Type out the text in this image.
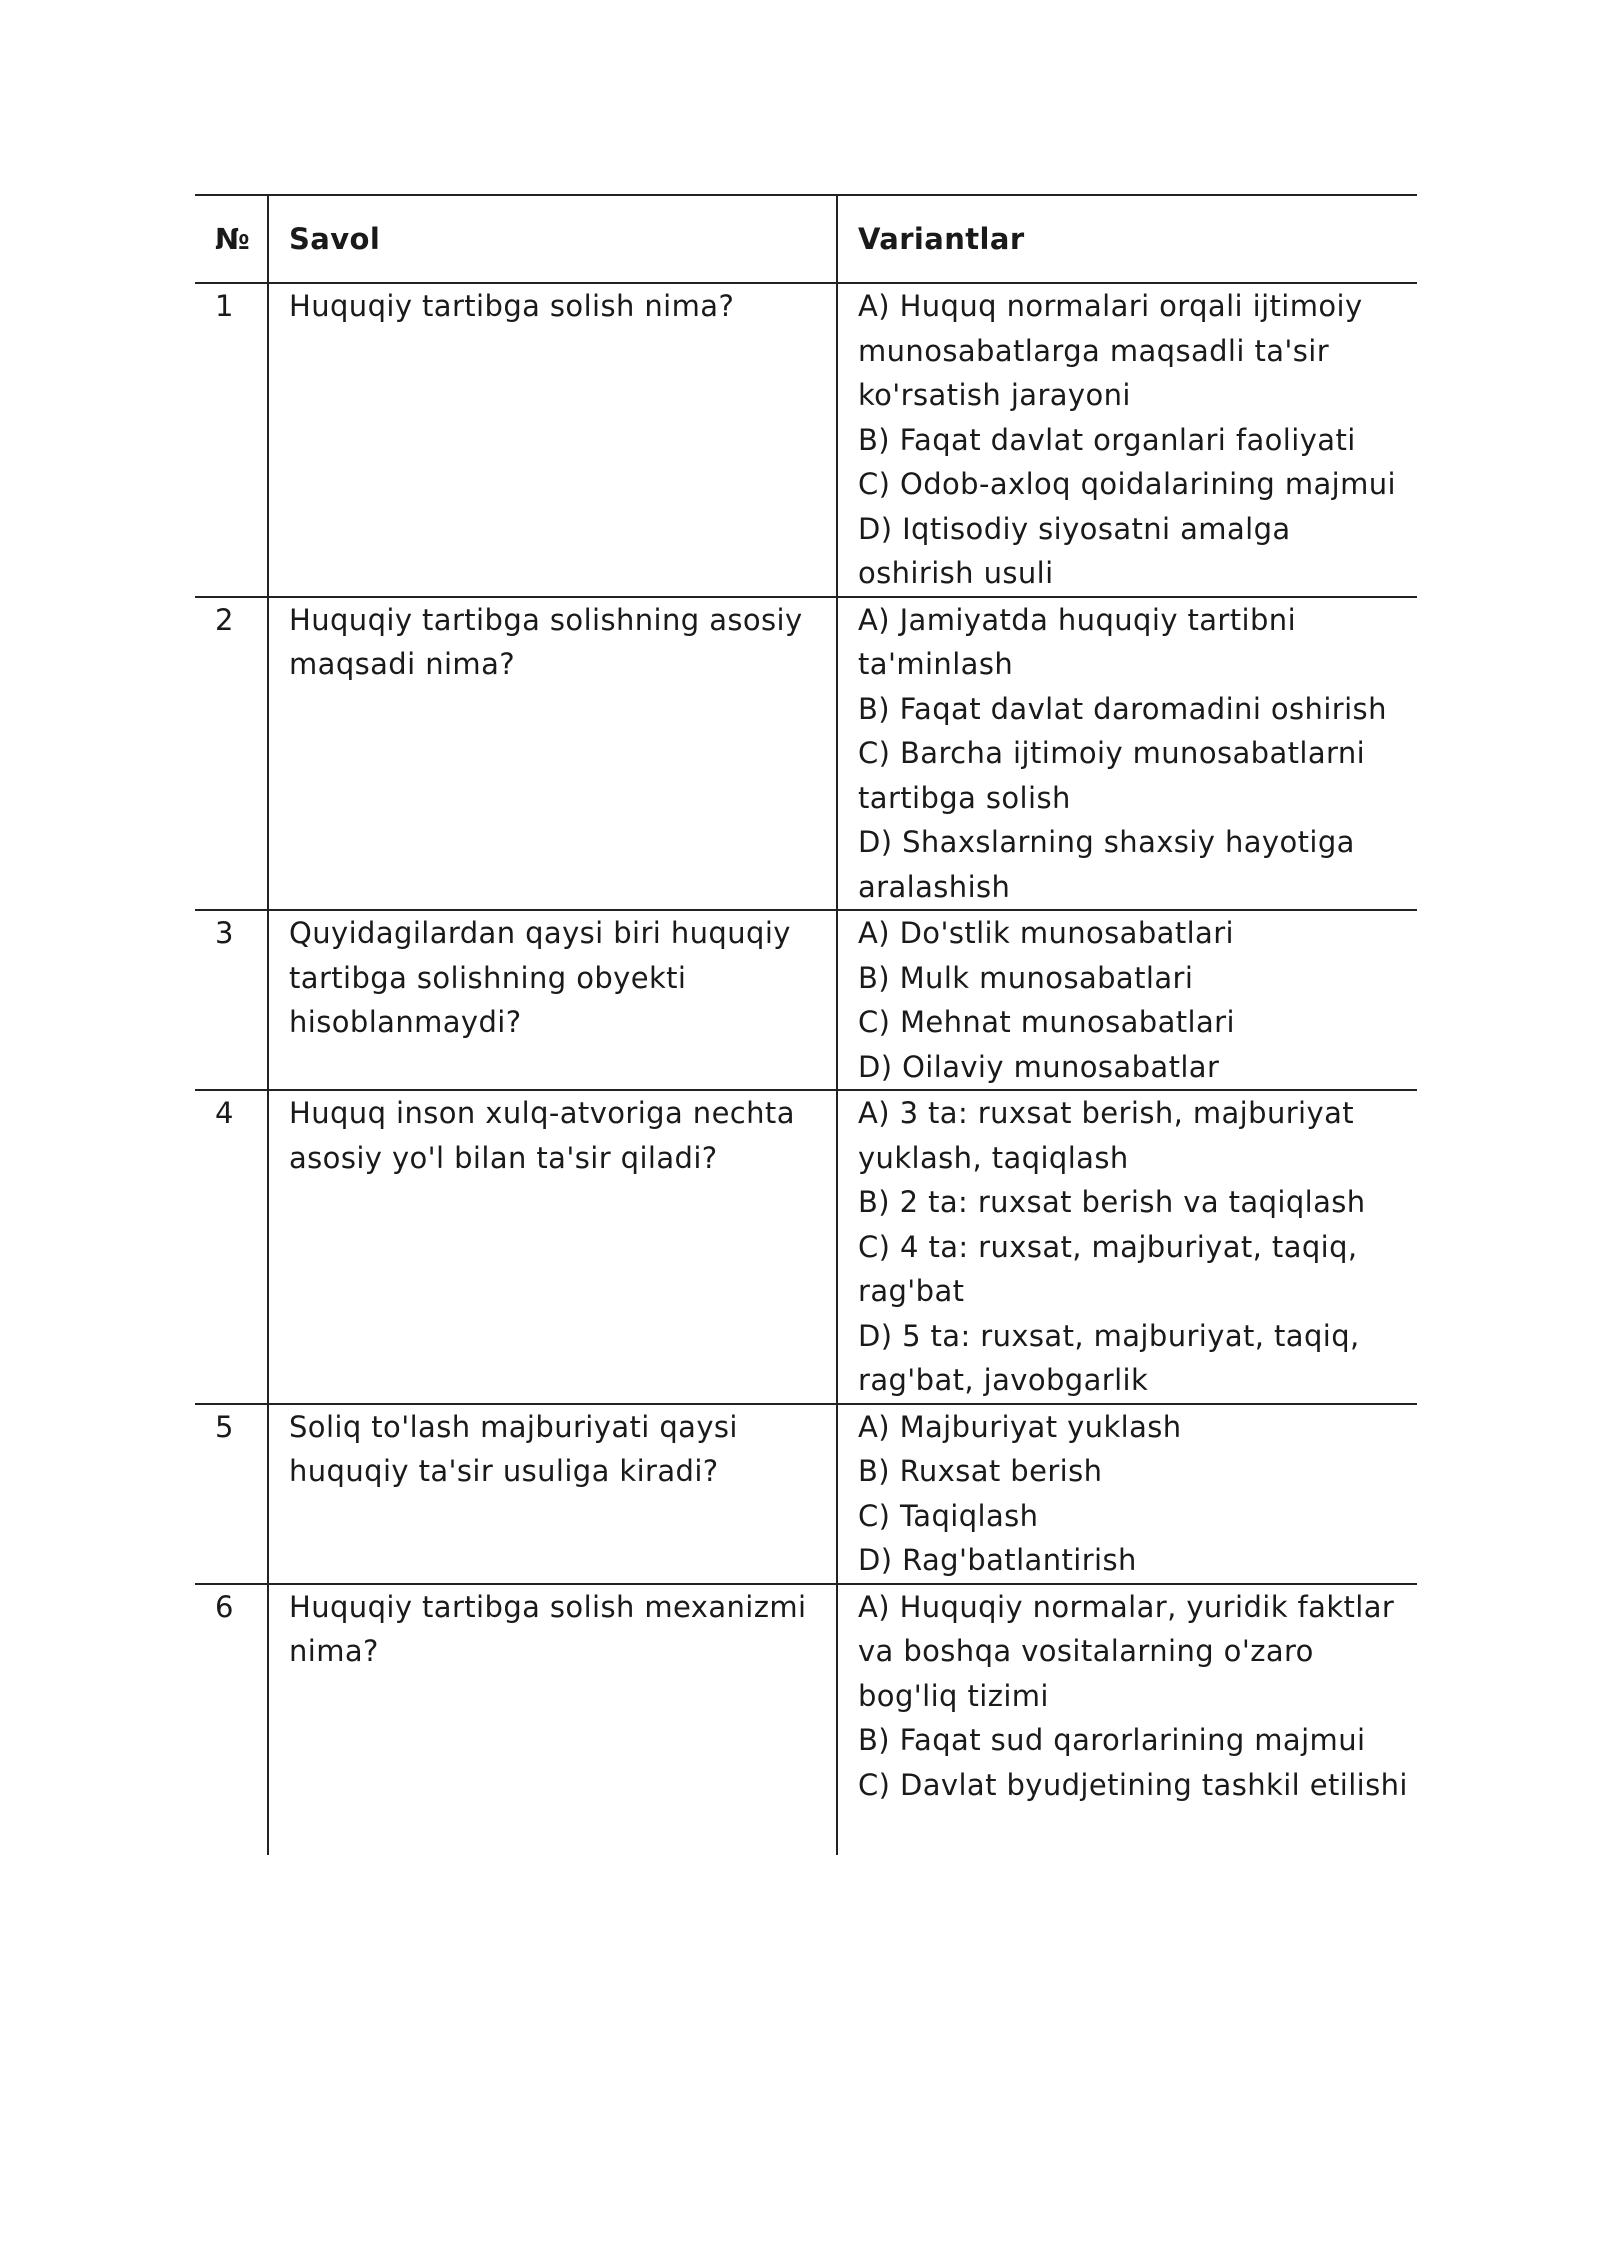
№	Savol	Variantlar

1	Huquqiy tartibga solish nima?	A) Huquq normalari orqali ijtimoiy munosabatlarga maqsadli ta'sir ko'rsatish jarayoni
B) Faqat davlat organlari faoliyati
C) Odob-axloq qoidalarining majmui
D) Iqtisodiy siyosatni amalga oshirish usuli

2	Huquqiy tartibga solishning asosiy maqsadi nima?	A) Jamiyatda huquqiy tartibni ta'minlash
B) Faqat davlat daromadini oshirish
C) Barcha ijtimoiy munosabatlarni tartibga solish
D) Shaxslarning shaxsiy hayotiga aralashish

3	Quyidagilardan qaysi biri huquqiy tartibga solishning obyekti hisoblanmaydi?	A) Do'stlik munosabatlari
B) Mulk munosabatlari
C) Mehnat munosabatlari
D) Oilaviy munosabatlar

4	Huquq inson xulq-atvoriga nechta asosiy yo'l bilan ta'sir qiladi?	A) 3 ta: ruxsat berish, majburiyat yuklash, taqiqlash
B) 2 ta: ruxsat berish va taqiqlash
C) 4 ta: ruxsat, majburiyat, taqiq, rag'bat
D) 5 ta: ruxsat, majburiyat, taqiq, rag'bat, javobgarlik

5	Soliq to'lash majburiyati qaysi huquqiy ta'sir usuliga kiradi?	A) Majburiyat yuklash
B) Ruxsat berish
C) Taqiqlash
D) Rag'batlantirish

6	Huquqiy tartibga solish mexanizmi nima?	A) Huquqiy normalar, yuridik faktlar va boshqa vositalarning o'zaro bog'liq tizimi
B) Faqat sud qarorlarining majmui
C) Davlat byudjetining tashkil etilishi
